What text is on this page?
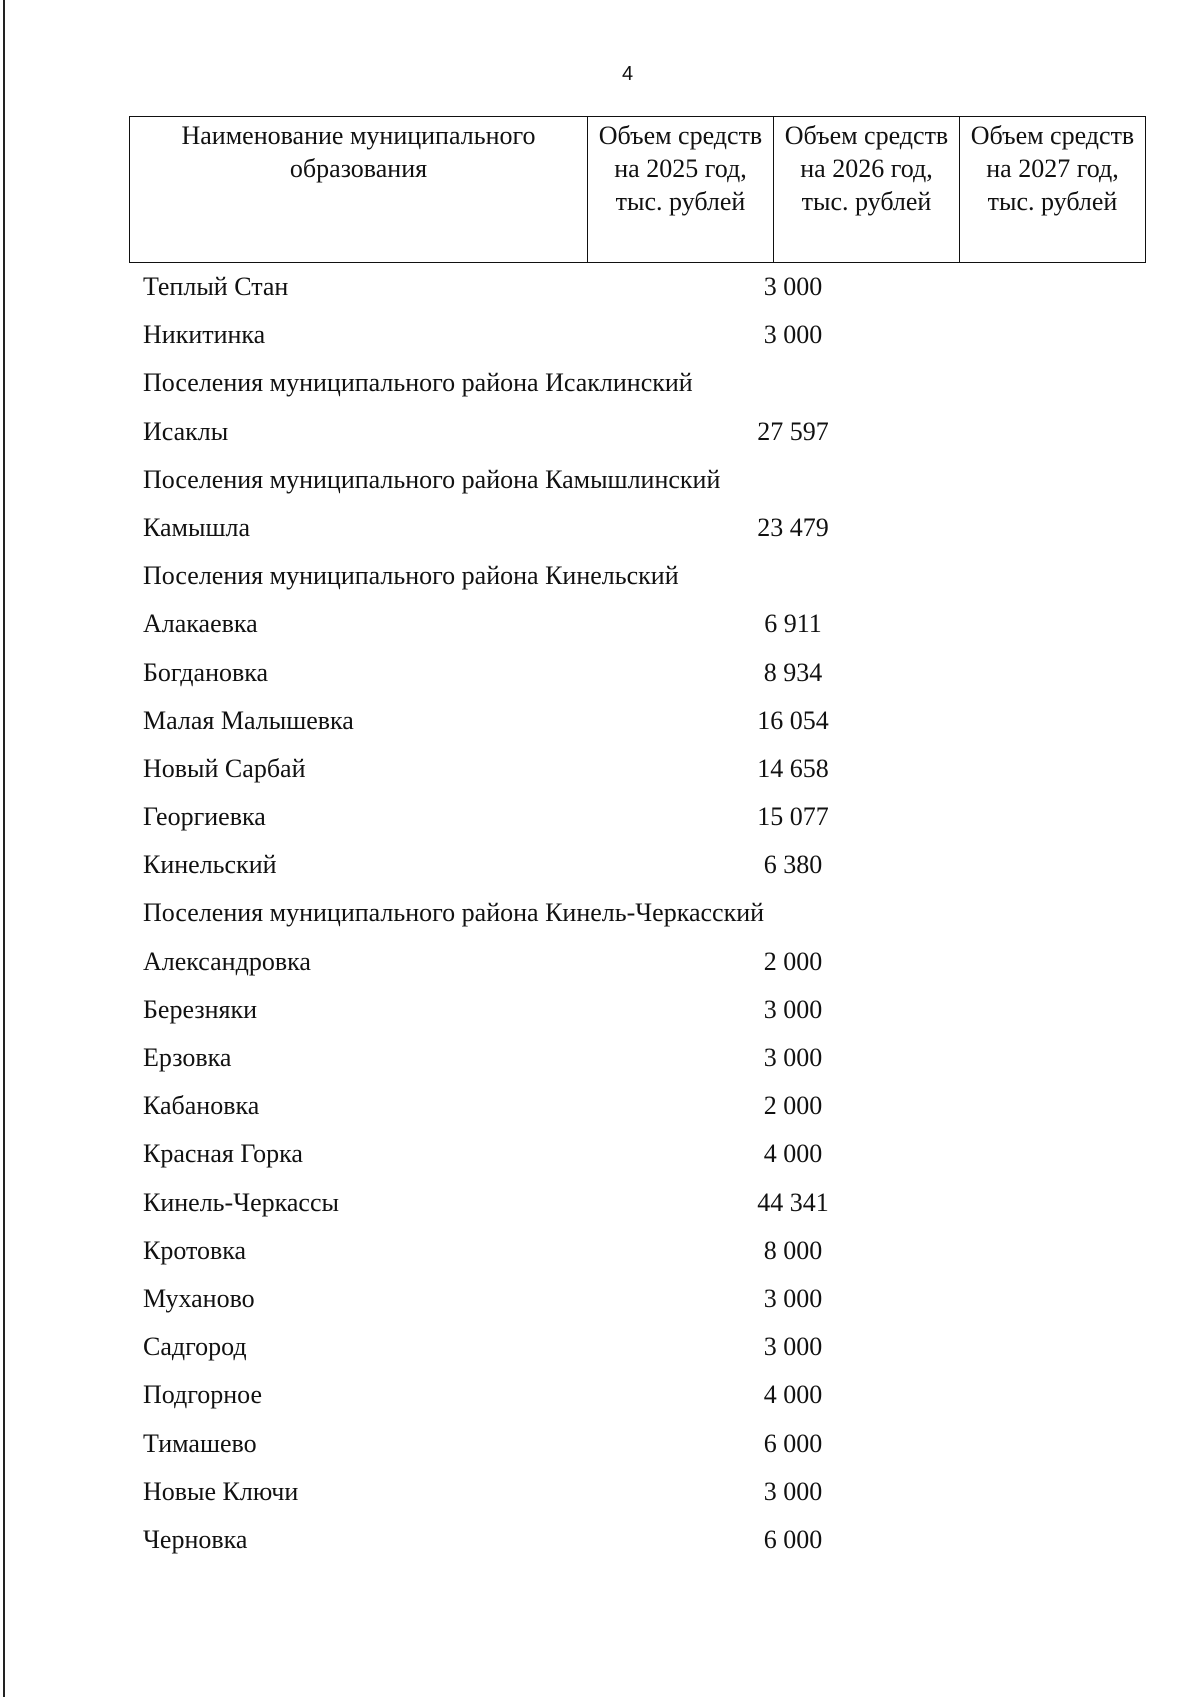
4
Наименование муниципального образования	Объем средств на 2025 год, тыс. рублей	Объем средств на 2026 год, тыс. рублей	Объем средств на 2027 год, тыс. рублей
Теплый Стан	3 000
Никитинка	3 000
Поселения муниципального района Исаклинский
Исаклы	27 597
Поселения муниципального района Камышлинский
Камышла	23 479
Поселения муниципального района Кинельский
Алакаевка	6 911
Богдановка	8 934
Малая Малышевка	16 054
Новый Сарбай	14 658
Георгиевка	15 077
Кинельский	6 380
Поселения муниципального района Кинель-Черкасский
Александровка	2 000
Березняки	3 000
Ерзовка	3 000
Кабановка	2 000
Красная Горка	4 000
Кинель-Черкассы	44 341
Кротовка	8 000
Муханово	3 000
Садгород	3 000
Подгорное	4 000
Тимашево	6 000
Новые Ключи	3 000
Черновка	6 000
